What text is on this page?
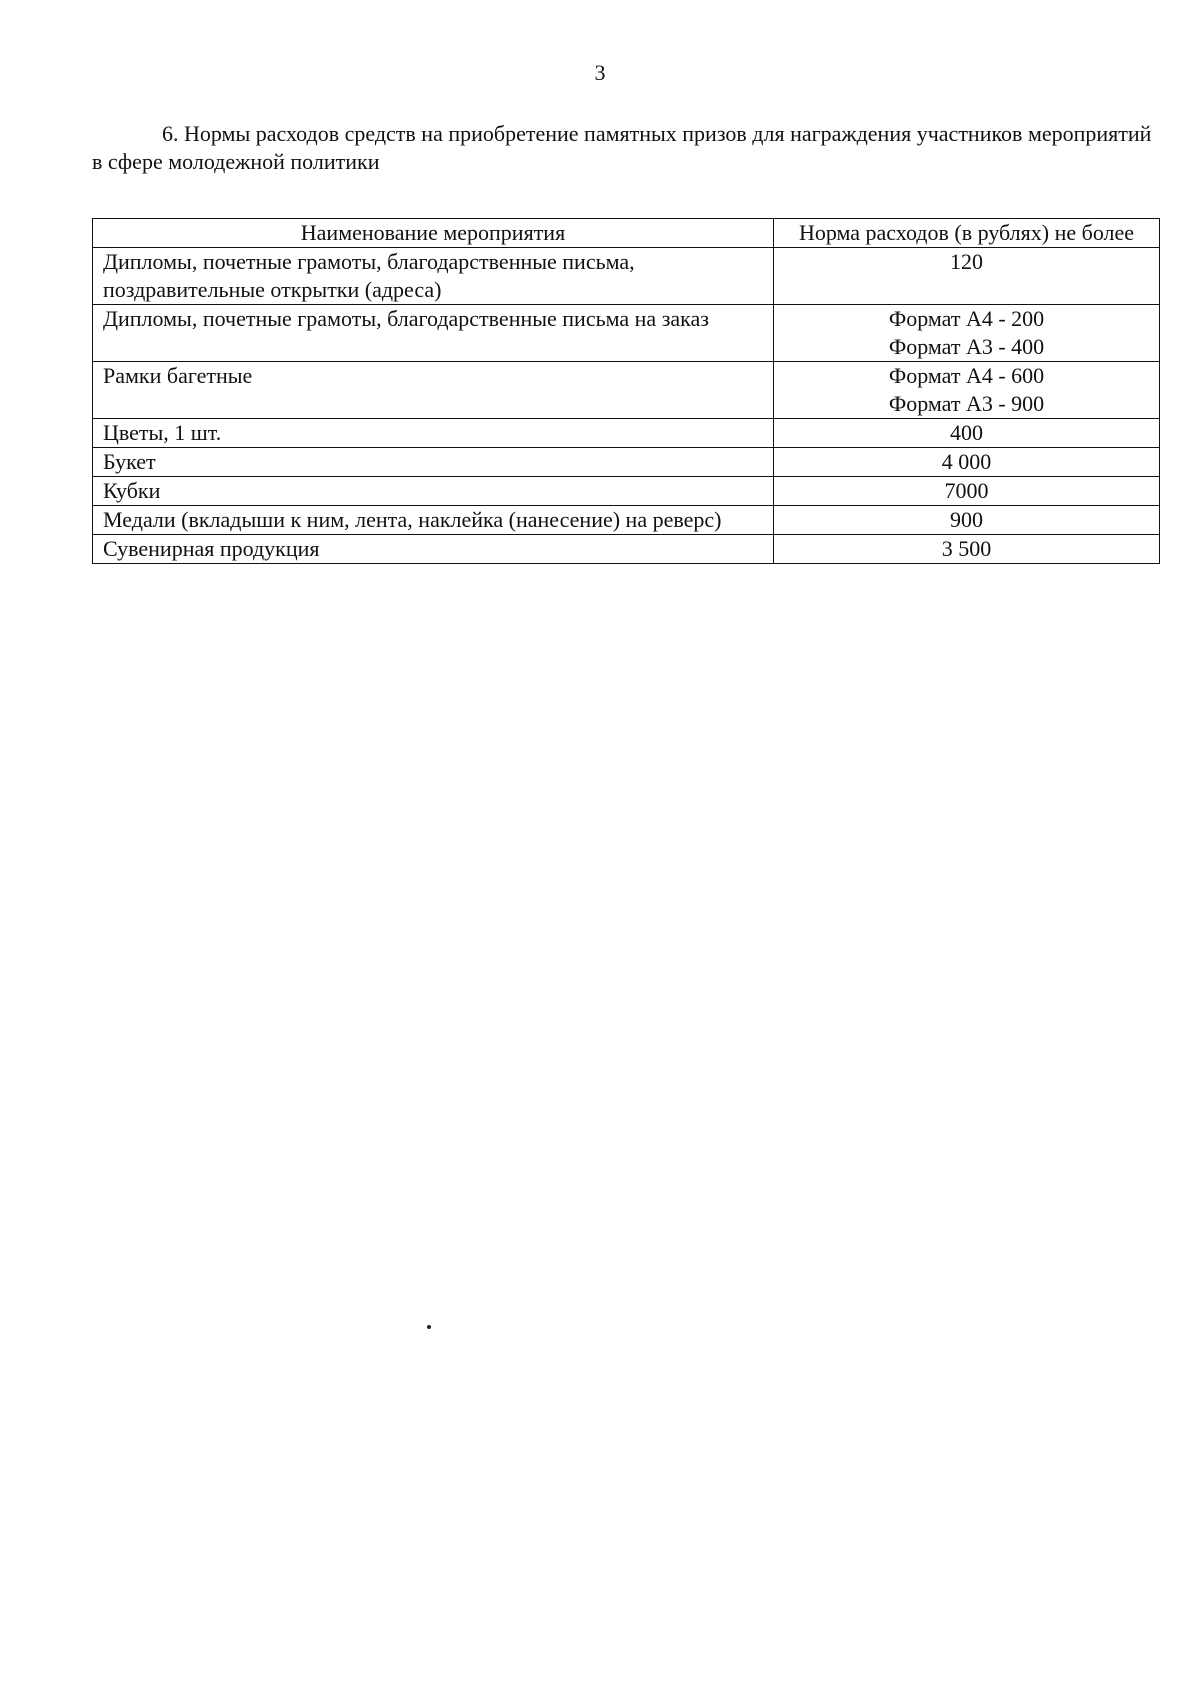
3
6. Нормы расходов средств на приобретение памятных призов для награждения участников мероприятий в сфере молодежной политики
Наименование мероприятия	Норма расходов (в рублях) не более
Дипломы, почетные грамоты, благодарственные письма, поздравительные открытки (адреса)	120

Дипломы, почетные грамоты, благодарственные письма на заказ	Формат А4 - 200
Формат А3 - 400

Рамки багетные	Формат А4 - 600
Формат А3 - 900

Цветы, 1 шт.	400

Букет	4 000

Кубки	7000

Медали (вкладыши к ним, лента, наклейка (нанесение) на реверс)	900

Сувенирная продукция	3 500
